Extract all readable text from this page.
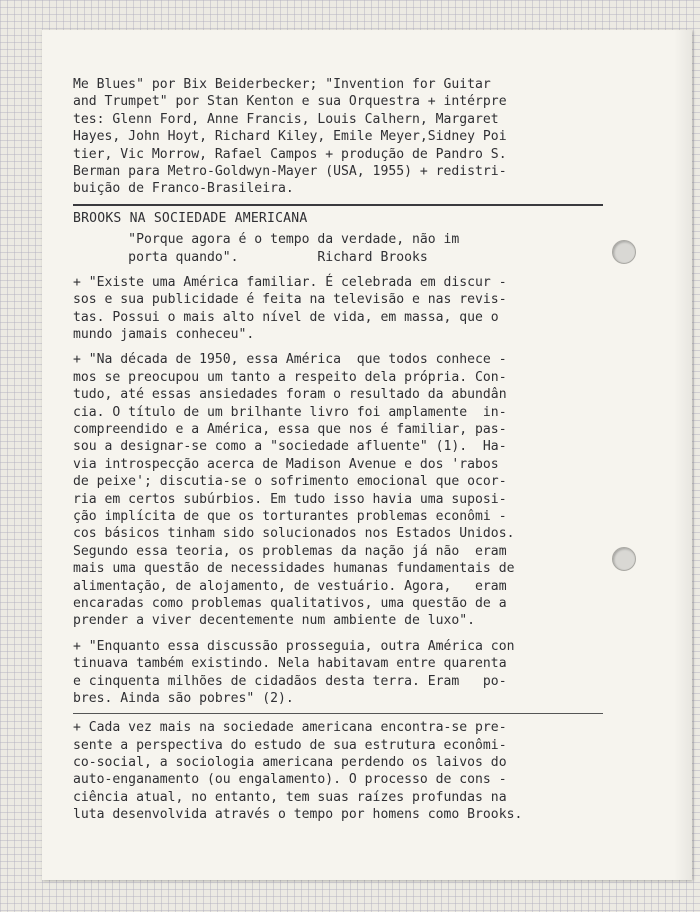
Me Blues" por Bix Beiderbecker; "Invention for Guitar
and Trumpet" por Stan Kenton e sua Orquestra + intérpre
tes: Glenn Ford, Anne Francis, Louis Calhern, Margaret
Hayes, John Hoyt, Richard Kiley, Emile Meyer,Sidney Poi
tier, Vic Morrow, Rafael Campos + produção de Pandro S.
Berman para Metro-Goldwyn-Mayer (USA, 1955) + redistri-
buição de Franco-Brasileira.
BROOKS NA SOCIEDADE AMERICANA
"Porque agora é o tempo da verdade, não im
porta quando".          Richard Brooks
+ "Existe uma América familiar. É celebrada em discur -
sos e sua publicidade é feita na televisão e nas revis-
tas. Possui o mais alto nível de vida, em massa, que o
mundo jamais conheceu".
+ "Na década de 1950, essa América  que todos conhece -
mos se preocupou um tanto a respeito dela própria. Con-
tudo, até essas ansiedades foram o resultado da abundân
cia. O título de um brilhante livro foi amplamente  in-
compreendido e a América, essa que nos é familiar, pas-
sou a designar-se como a "sociedade afluente" (1).  Ha-
via introspecção acerca de Madison Avenue e dos 'rabos
de peixe'; discutia-se o sofrimento emocional que ocor-
ria em certos subúrbios. Em tudo isso havia uma suposi-
ção implícita de que os torturantes problemas econômi -
cos básicos tinham sido solucionados nos Estados Unidos.
Segundo essa teoria, os problemas da nação já não  eram
mais uma questão de necessidades humanas fundamentais de
alimentação, de alojamento, de vestuário. Agora,   eram
encaradas como problemas qualitativos, uma questão de a
prender a viver decentemente num ambiente de luxo".
+ "Enquanto essa discussão prosseguia, outra América con
tinuava também existindo. Nela habitavam entre quarenta
e cinquenta milhões de cidadãos desta terra. Eram   po-
bres. Ainda são pobres" (2).
+ Cada vez mais na sociedade americana encontra-se pre-
sente a perspectiva do estudo de sua estrutura econômi-
co-social, a sociologia americana perdendo os laivos do
auto-enganamento (ou engalamento). O processo de cons -
ciência atual, no entanto, tem suas raízes profundas na
luta desenvolvida através o tempo por homens como Brooks.
